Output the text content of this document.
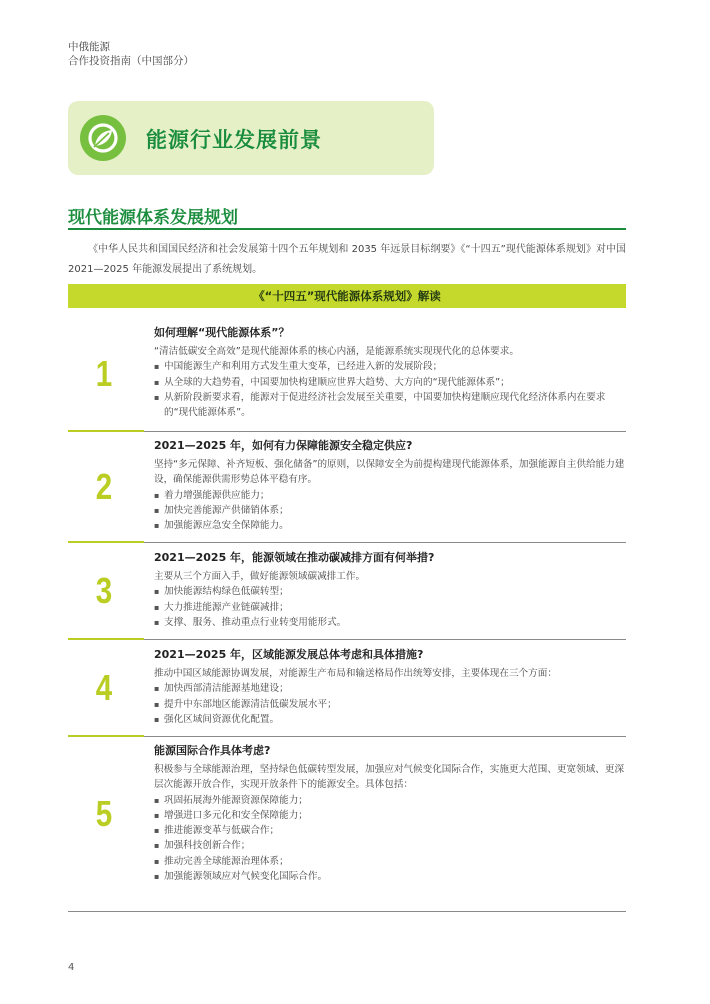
中俄能源
合作投资指南（中国部分）
能源行业发展前景
现代能源体系发展规划
《中华人民共和国国民经济和社会发展第十四个五年规划和 2035 年远景目标纲要》《“十四五”现代能源体系规划》对中国 2021—2025 年能源发展提出了系统规划。
《“十四五”现代能源体系规划》解读
1
如何理解“现代能源体系”？

“清洁低碳安全高效”是现代能源体系的核心内涵，是能源系统实现现代化的总体要求。

▪ 中国能源生产和利用方式发生重大变革，已经进入新的发展阶段；
▪ 从全球的大趋势看，中国要加快构建顺应世界大趋势、大方向的“现代能源体系”；
▪ 从新阶段新要求看，能源对于促进经济社会发展至关重要，中国要加快构建顺应现代化经济体系内在要求的“现代能源体系”。
2
2021—2025 年，如何有力保障能源安全稳定供应?

坚持“多元保障、补齐短板、强化储备”的原则，以保障安全为前提构建现代能源体系，加强能源自主供给能力建设，确保能源供需形势总体平稳有序。

▪ 着力增强能源供应能力；
▪ 加快完善能源产供储销体系；
▪ 加强能源应急安全保障能力。
3
2021—2025 年，能源领域在推动碳减排方面有何举措?

主要从三个方面入手，做好能源领域碳减排工作。

▪ 加快能源结构绿色低碳转型；
▪ 大力推进能源产业链碳减排；
▪ 支撑、服务、推动重点行业转变用能形式。
4
2021—2025 年，区域能源发展总体考虑和具体措施?

推动中国区域能源协调发展，对能源生产布局和输送格局作出统筹安排，主要体现在三个方面：

▪ 加快西部清洁能源基地建设；
▪ 提升中东部地区能源清洁低碳发展水平；
▪ 强化区域间资源优化配置。
5
能源国际合作具体考虑?

积极参与全球能源治理，坚持绿色低碳转型发展，加强应对气候变化国际合作，实施更大范围、更宽领域、更深层次能源开放合作，实现开放条件下的能源安全。具体包括：

▪ 巩固拓展海外能源资源保障能力；
▪ 增强进口多元化和安全保障能力；
▪ 推进能源变革与低碳合作；
▪ 加强科技创新合作；
▪ 推动完善全球能源治理体系；
▪ 加强能源领域应对气候变化国际合作。
4
